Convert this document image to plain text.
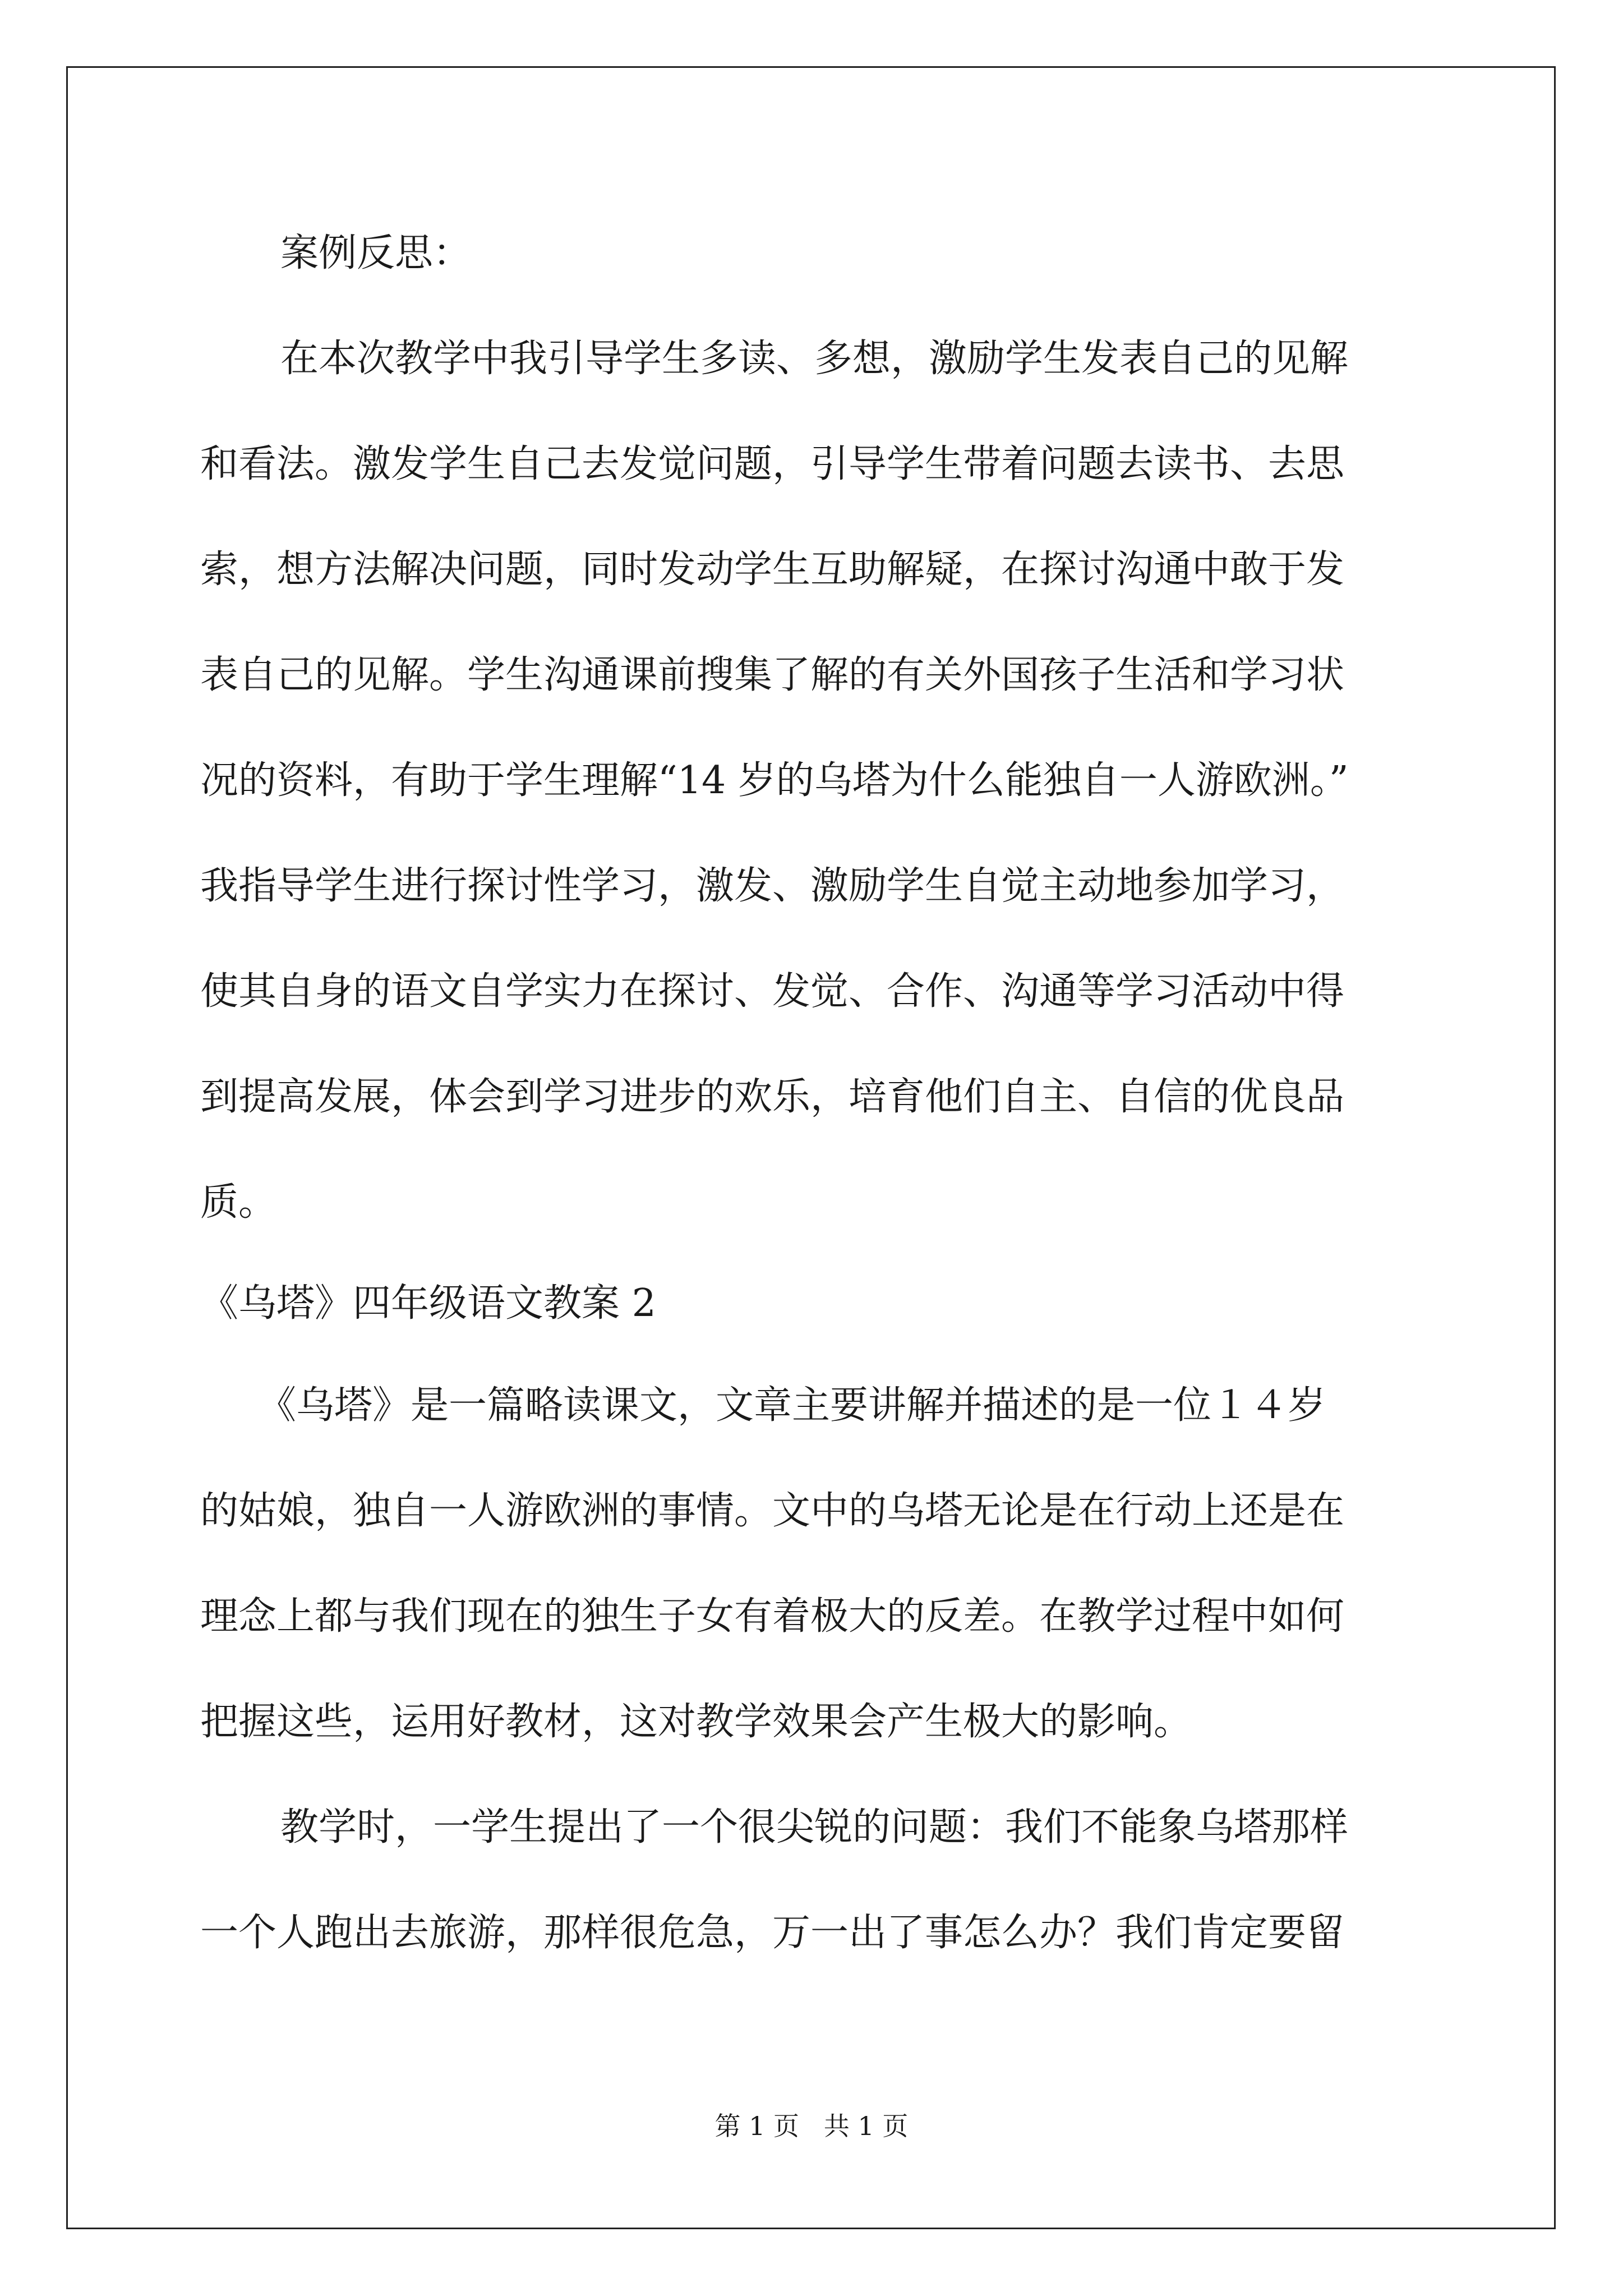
案例反思：

在本次教学中我引导学生多读、多想，激励学生发表自己的见解

和看法。激发学生自己去发觉问题，引导学生带着问题去读书、去思

索，想方法解决问题，同时发动学生互助解疑，在探讨沟通中敢于发

表自己的见解。学生沟通课前搜集了解的有关外国孩子生活和学习状

况的资料，有助于学生理解“14 岁的乌塔为什么能独自一人游欧洲。”

我指导学生进行探讨性学习，激发、激励学生自觉主动地参加学习，

使其自身的语文自学实力在探讨、发觉、合作、沟通等学习活动中得

到提高发展，体会到学习进步的欢乐，培育他们自主、自信的优良品

质。

《乌塔》四年级语文教案 2

《乌塔》是一篇略读课文，文章主要讲解并描述的是一位１４岁

的姑娘，独自一人游欧洲的事情。文中的乌塔无论是在行动上还是在

理念上都与我们现在的独生子女有着极大的反差。在教学过程中如何

把握这些，运用好教材，这对教学效果会产生极大的影响。

教学时，一学生提出了一个很尖锐的问题：我们不能象乌塔那样

一个人跑出去旅游，那样很危急，万一出了事怎么办？我们肯定要留

第 1 页   共 1 页
